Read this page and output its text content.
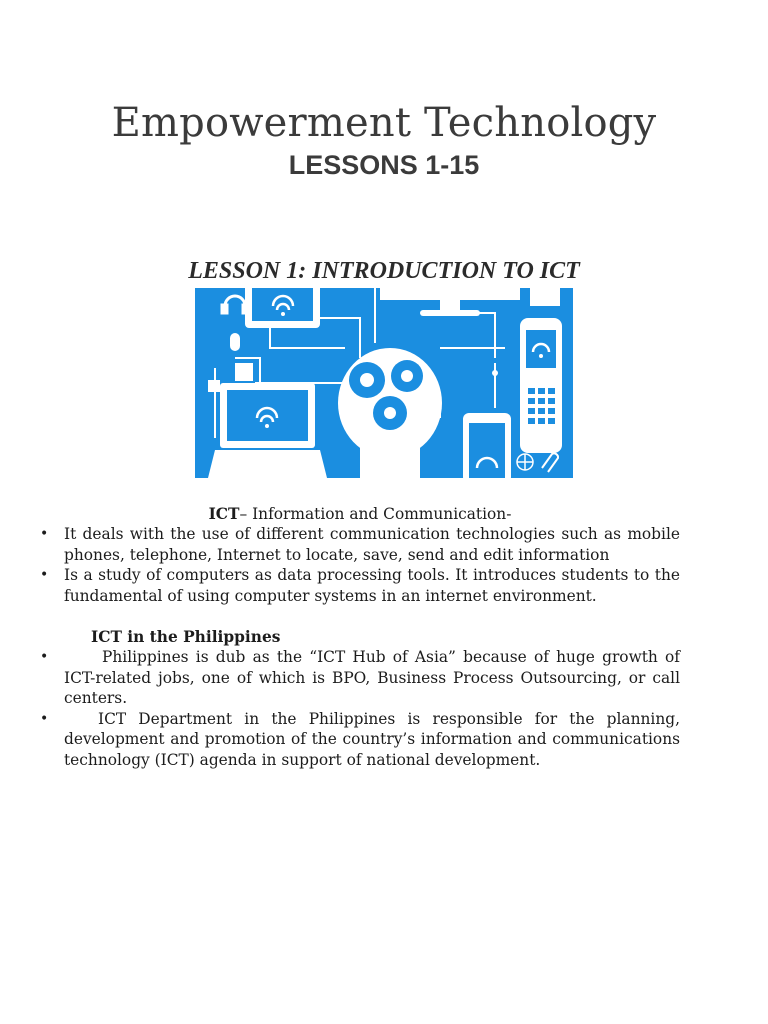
Empowerment Technology
LESSONS 1-15
LESSON 1: INTRODUCTION TO ICT
ICT– Information and Communication-
• It deals with the use of different communication technologies such as mobile phones, telephone, Internet to locate, save, send and edit information
• Is a study of computers as data processing tools. It introduces students to the fundamental of using computer systems in an internet environment.
ICT in the Philippines
•	Philippines is dub as the “ICT Hub of Asia” because of huge growth of ICT-related jobs, one of which is BPO, Business Process Outsourcing, or call centers.
•	ICT Department in the Philippines is responsible for the planning, development and promotion of the country’s information and communications technology (ICT) agenda in support of national development.
